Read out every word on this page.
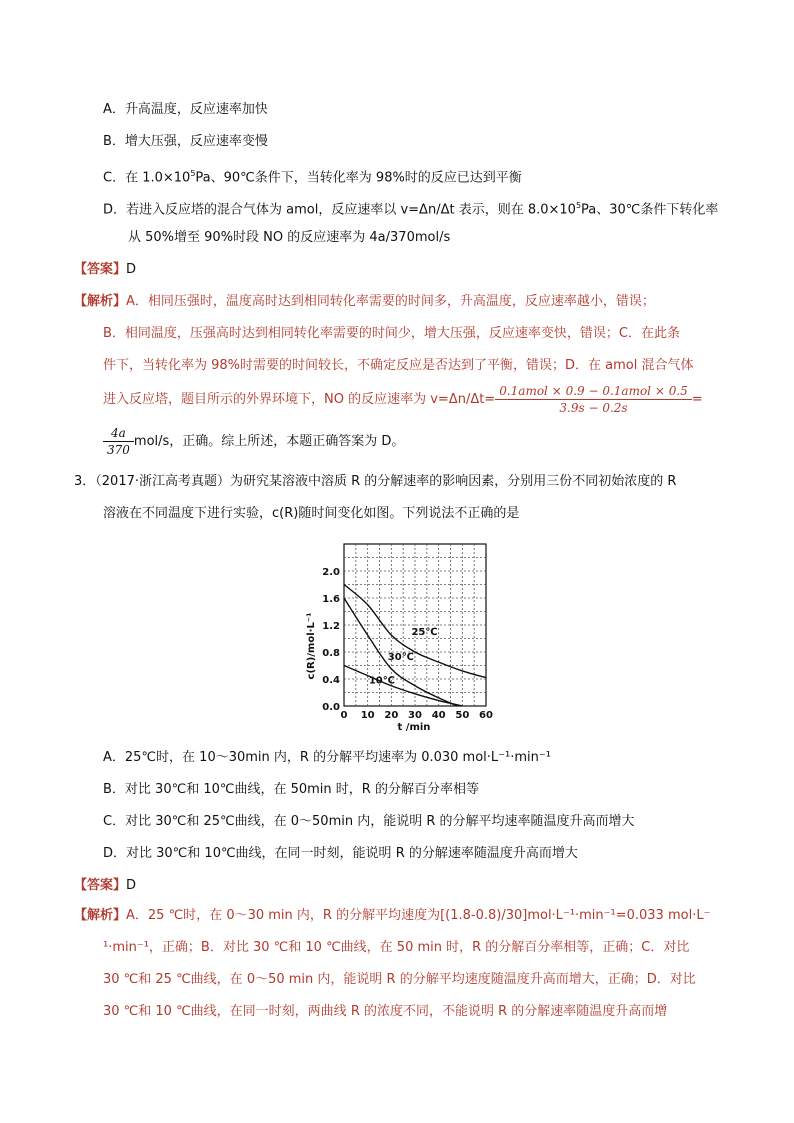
A．升高温度，反应速率加快
B．增大压强，反应速率变慢
C．在 $1.0\times 10^5Pa$、90℃条件下，当转化率为 98%时的反应已达到平衡
D．若进入反应塔的混合气体为 amol，反应速率以 v=Δn/Δt 表示，则在 $8.0\times 10^5Pa$、30℃条件下转化率
从 50%增至 90%时段 NO 的反应速率为 4a/370mol/s
【答案】D
【解析】A．相同压强时，温度高时达到相同转化率需要的时间多，升高温度，反应速率越小，错误；
B．相同温度，压强高时达到相同转化率需要的时间少，增大压强，反应速率变快，错误；C．在此条
件下，当转化率为 98%时需要的时间较长，不确定反应是否达到了平衡，错误；D．在 amol 混合气体
进入反应塔，题目所示的外界环境下，NO 的反应速率为 $v=\Delta n/\Delta t= \frac{\text{0.1amol × 0.9 − 0.1amol × 0.5}}{3.9s - 0.2s}$ =
$\frac{4a}{370} mol/s$，正确。综上所述，本题正确答案为 D。
3．（2017·浙江高考真题）为研究某溶液中溶质 R 的分解速率的影响因素，分别用三份不同初始浓度的 R
溶液在不同温度下进行实验，c(R)随时间变化如图。下列说法不正确的是
0 10 20 30 40 50 60
0.0
0.4
0.8
1.2
1.6
2.0
25℃
30℃
10℃
c(R)/mol·L⁻¹
t /min
A．25℃时，在 10～30min 内，R 的分解平均速率为 0.030 mol·L⁻¹·min⁻¹
B．对比 30℃和 10℃曲线，在 50min 时，R 的分解百分率相等
C．对比 30℃和 25℃曲线，在 0～50min 内，能说明 R 的分解平均速率随温度升高而增大
D．对比 30℃和 10℃曲线，在同一时刻，能说明 R 的分解速率随温度升高而增大
【答案】D
【解析】A．25 ℃时，在 0～30 min 内，R 的分解平均速度为[(1.8-0.8)/30]mol·L⁻¹·min⁻¹=0.033 mol·L⁻
¹·min⁻¹，正确；B．对比 30 ℃和 10 ℃曲线，在 50 min 时，R 的分解百分率相等，正确；C．对比
30 ℃和 25 ℃曲线，在 0～50 min 内，能说明 R 的分解平均速度随温度升高而增大，正确；D．对比
30 ℃和 10 ℃曲线，在同一时刻，两曲线 R 的浓度不同，不能说明 R 的分解速率随温度升高而增
